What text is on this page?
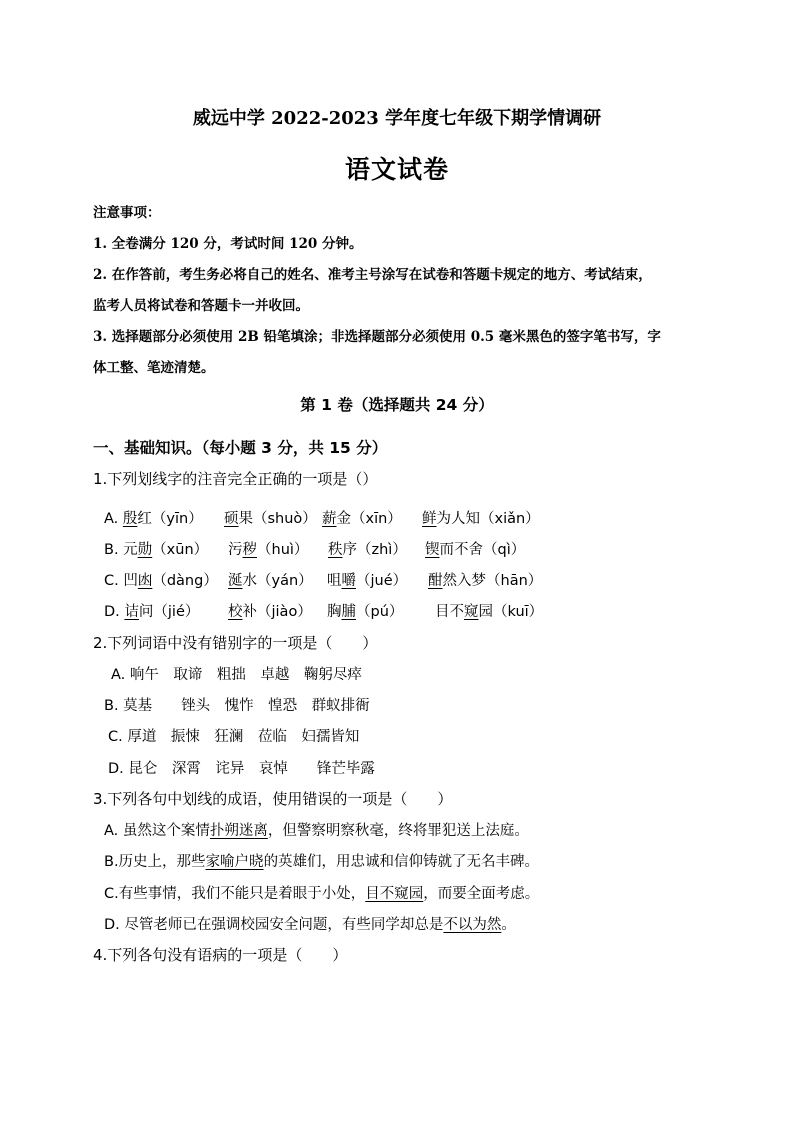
威远中学 2022-2023 学年度七年级下期学情调研
语文试卷
注意事项：
1. 全卷满分 120 分，考试时间 120 分钟。
2. 在作答前，考生务必将自己的姓名、准考主号涂写在试卷和答题卡规定的地方、考试结束，
监考人员将试卷和答题卡一并收回。
3. 选择题部分必须使用 2B 铅笔填涂；非选择题部分必须使用 0.5 毫米黑色的签字笔书写，字
体工整、笔迹清楚。
第 1 卷（选择题共 24 分）
一、基础知识。（每小题 3 分，共 15 分）
1.下列划线字的注音完全正确的一项是（）
A. 殷红（yīn） 硕果（shuò） 薪金（xīn） 鲜为人知（xiǎn）
B. 元勋（xūn） 污秽（huì） 秩序（zhì） 锲而不舍（qì）
C. 凹凼（dàng） 涎水（yán） 咀嚼（jué） 酣然入梦（hān）
D. 诘问（jié） 校补（jiào） 胸脯（pú） 目不窥园（kuī）
2.下列词语中没有错别字的一项是（　　）
A. 响午　取谛　粗拙　卓越　鞠躬尽瘁
B. 莫基　　锉头　愧怍　惶恐　群蚁排衙
C. 厚道　振悚　狂澜　莅临　妇孺皆知
D. 昆仑　深霄　诧异　哀悼　　锋芒毕露
3.下列各句中划线的成语，使用错误的一项是（　　）
A. 虽然这个案情扑朔迷离，但警察明察秋毫，终将罪犯送上法庭。
B.历史上，那些家喻户晓的英雄们，用忠诚和信仰铸就了无名丰碑。
C.有些事情，我们不能只是着眼于小处，目不窥园，而要全面考虑。
D. 尽管老师已在强调校园安全问题，有些同学却总是不以为然。
4.下列各句没有语病的一项是（　　）
